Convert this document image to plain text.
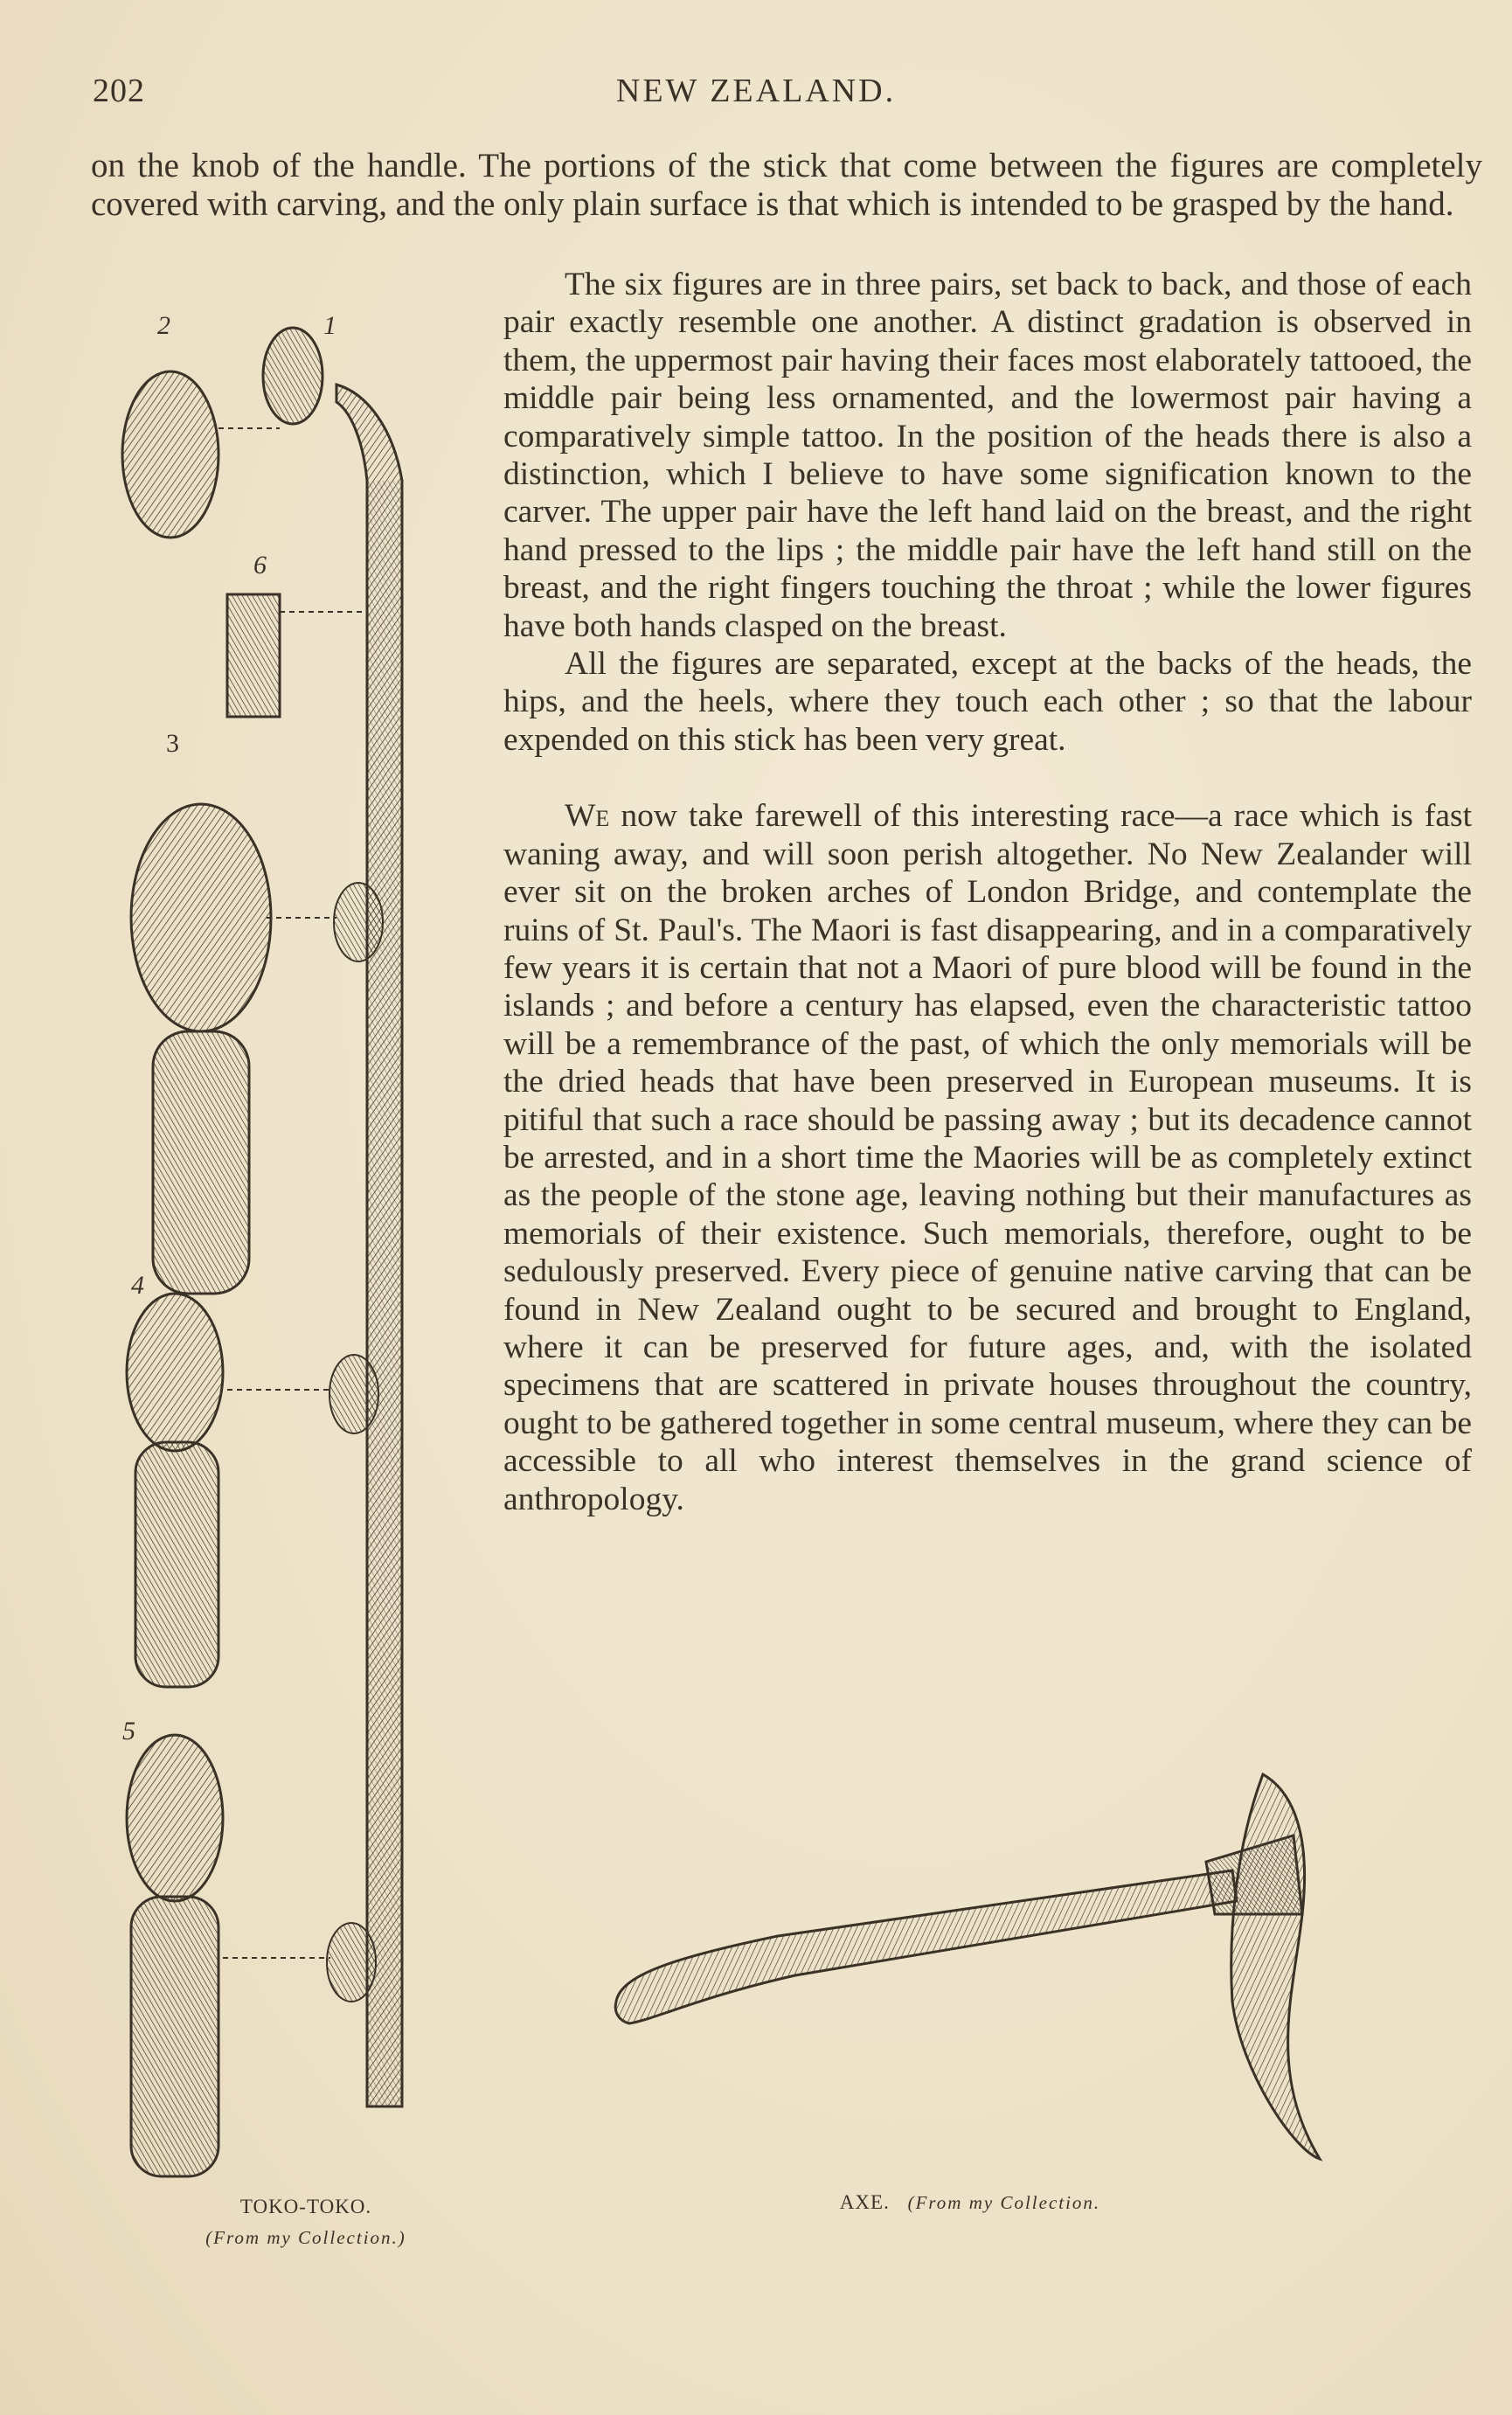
202	NEW ZEALAND.
on the knob of the handle. The portions of the stick that come between the figures are completely covered with carving, and the only plain surface is that which is intended to be grasped by the hand.

The six figures are in three pairs, set back to back, and those of each pair exactly resemble one another. A distinct gradation is observed in them, the uppermost pair having their faces most elaborately tattooed, the middle pair being less ornamented, and the lowermost pair having a comparatively simple tattoo. In the position of the heads there is also a distinction, which I believe to have some signification known to the carver. The upper pair have the left hand laid on the breast, and the right hand pressed to the lips ; the middle pair have the left hand still on the breast, and the right fingers touching the throat ; while the lower figures have both hands clasped on the breast.

All the figures are separated, except at the backs of the heads, the hips, and the heels, where they touch each other ; so that the labour expended on this stick has been very great.

We now take farewell of this interesting race—a race which is fast waning away, and will soon perish altogether. No New Zealander will ever sit on the broken arches of London Bridge, and contemplate the ruins of St. Paul's. The Maori is fast disappearing, and in a comparatively few years it is certain that not a Maori of pure blood will be found in the islands ; and before a century has elapsed, even the characteristic tattoo will be a remembrance of the past, of which the only memorials will be the dried heads that have been preserved in European museums. It is pitiful that such a race should be passing away ; but its decadence cannot be arrested, and in a short time the Maories will be as completely extinct as the people of the stone age, leaving nothing but their manufactures as memorials of their existence. Such memorials, therefore, ought to be sedulously preserved. Every piece of genuine native carving that can be found in New Zealand ought to be secured and brought to England, where it can be preserved for future ages, and, with the isolated specimens that are scattered in private houses throughout the country, ought to be gathered together in some central museum, where they can be accessible to all who interest themselves in the grand science of anthropology.

2	1
6
3
4
5
TOKO-TOKO.
(From my Collection.)
AXE. (From my Collection.
